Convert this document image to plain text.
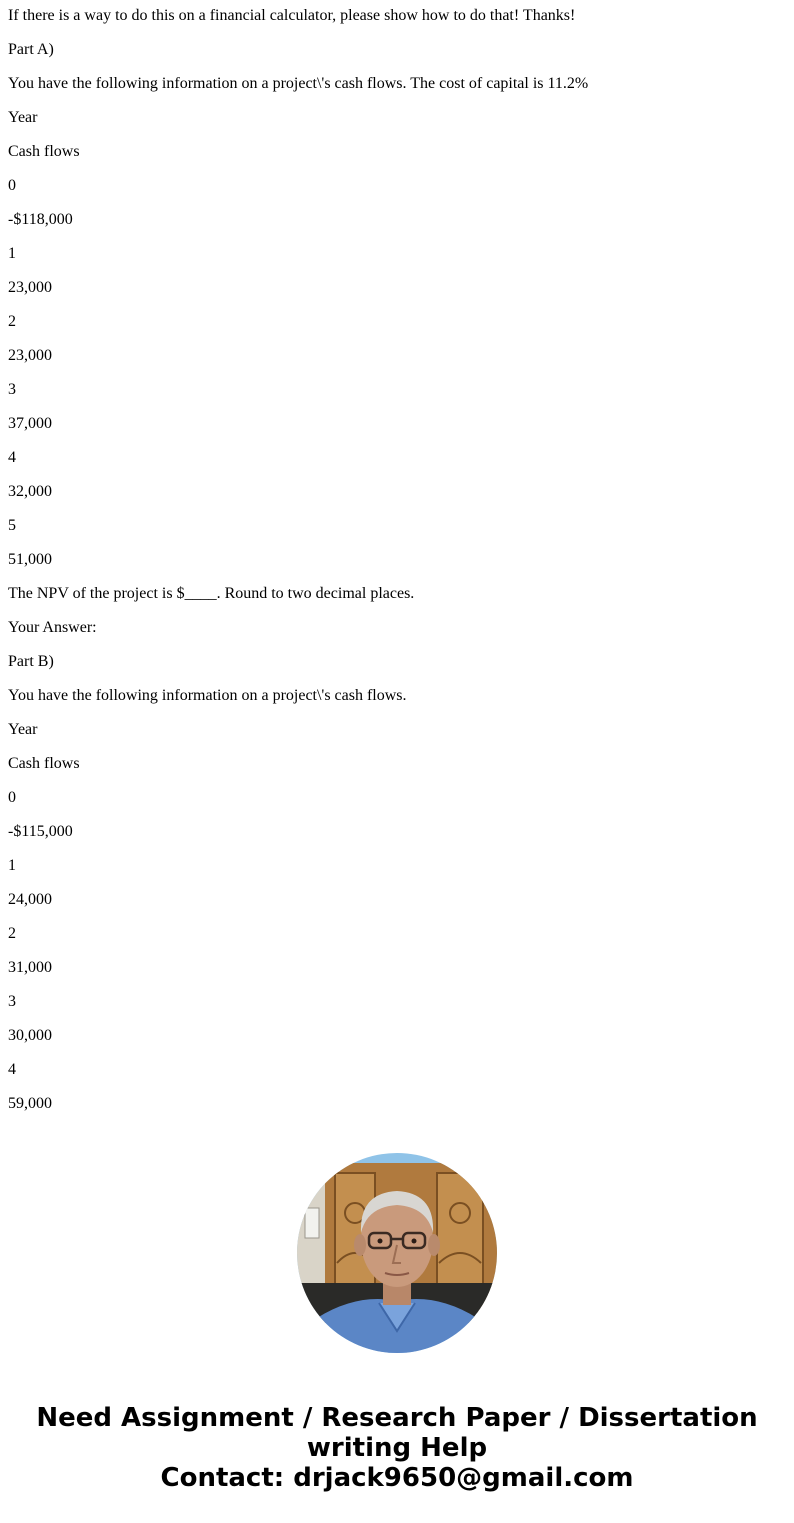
If there is a way to do this on a financial calculator, please show how to do that! Thanks!
Part A)
You have the following information on a project\'s cash flows. The cost of capital is 11.2%
Year
Cash flows
0
-$118,000
1
23,000
2
23,000
3
37,000
4
32,000
5
51,000
The NPV of the project is $____. Round to two decimal places.
Your Answer:
Part B)
You have the following information on a project\'s cash flows.
Year
Cash flows
0
-$115,000
1
24,000
2
31,000
3
30,000
4
59,000
Need Assignment / Research Paper / Dissertation
writing Help
Contact: drjack9650@gmail.com
